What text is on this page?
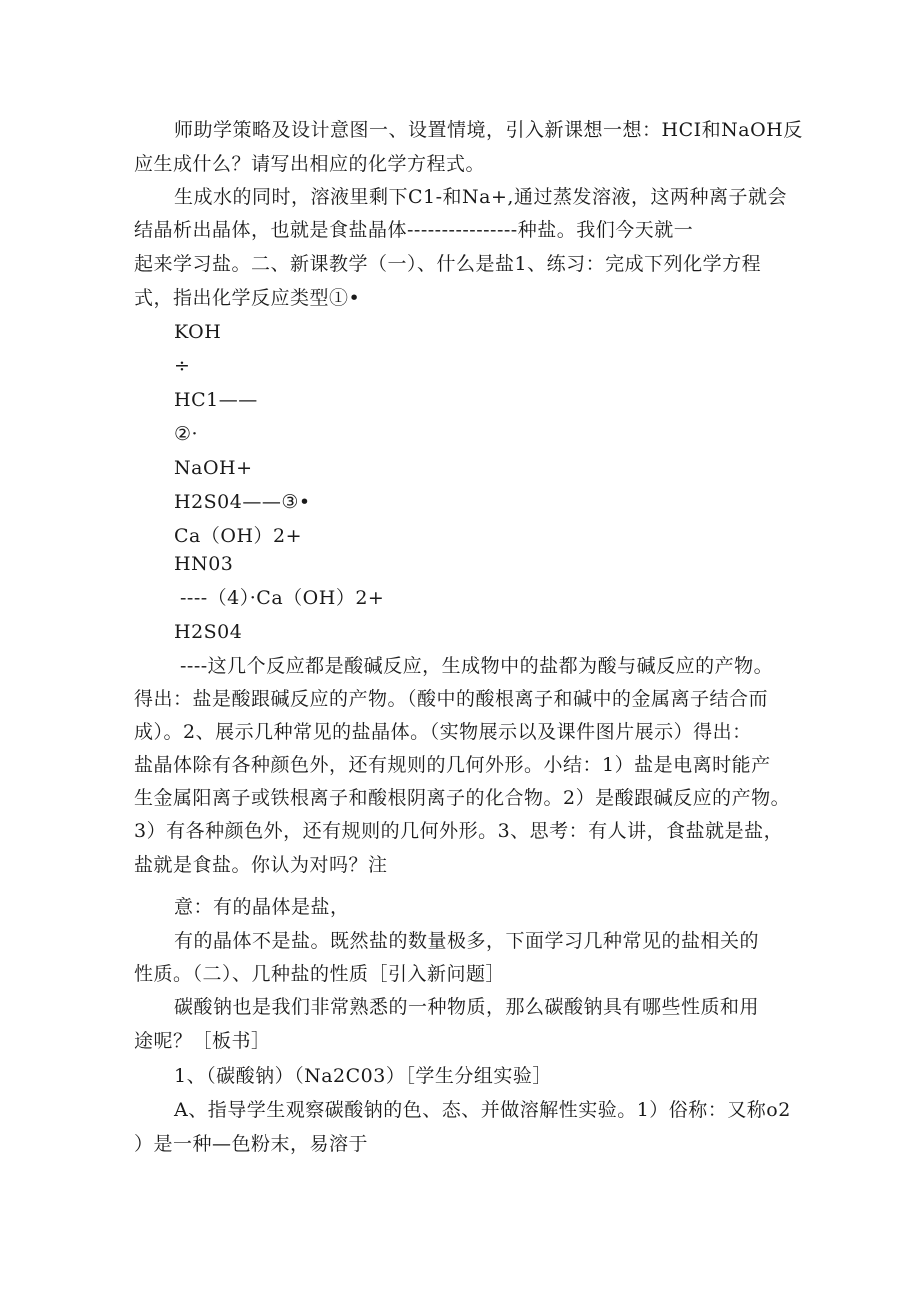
师助学策略及设计意图一、设置情境，引入新课想一想：HCI和NaOH反
应生成什么？请写出相应的化学方程式。
生成水的同时，溶液里剩下C1-和Na+,通过蒸发溶液，这两种离子就会
结晶析出晶体，也就是食盐晶体----------------种盐。我们今天就一
起来学习盐。二、新课教学（一）、什么是盐1、练习：完成下列化学方程
式，指出化学反应类型①•
KOH
÷
HC1——
②·
NaOH+
H2S04——③•
Ca（OH）2+
HN03
----（4）·Ca（OH）2+
H2S04
----这几个反应都是酸碱反应，生成物中的盐都为酸与碱反应的产物。
得出：盐是酸跟碱反应的产物。（酸中的酸根离子和碱中的金属离子结合而
成）。2、展示几种常见的盐晶体。（实物展示以及课件图片展示）得出：
盐晶体除有各种颜色外，还有规则的几何外形。小结：1）盐是电离时能产
生金属阳离子或铁根离子和酸根阴离子的化合物。2）是酸跟碱反应的产物。
3）有各种颜色外，还有规则的几何外形。3、思考：有人讲，食盐就是盐，
盐就是食盐。你认为对吗？注
意：有的晶体是盐，
有的晶体不是盐。既然盐的数量极多，下面学习几种常见的盐相关的
性质。（二）、几种盐的性质［引入新问题］
碳酸钠也是我们非常熟悉的一种物质，那么碳酸钠具有哪些性质和用
途呢？［板书］
1、（碳酸钠）（Na2C03）［学生分组实验］
A、指导学生观察碳酸钠的色、态、并做溶解性实验。1）俗称：又称o2
）是一种—色粉末，易溶于
